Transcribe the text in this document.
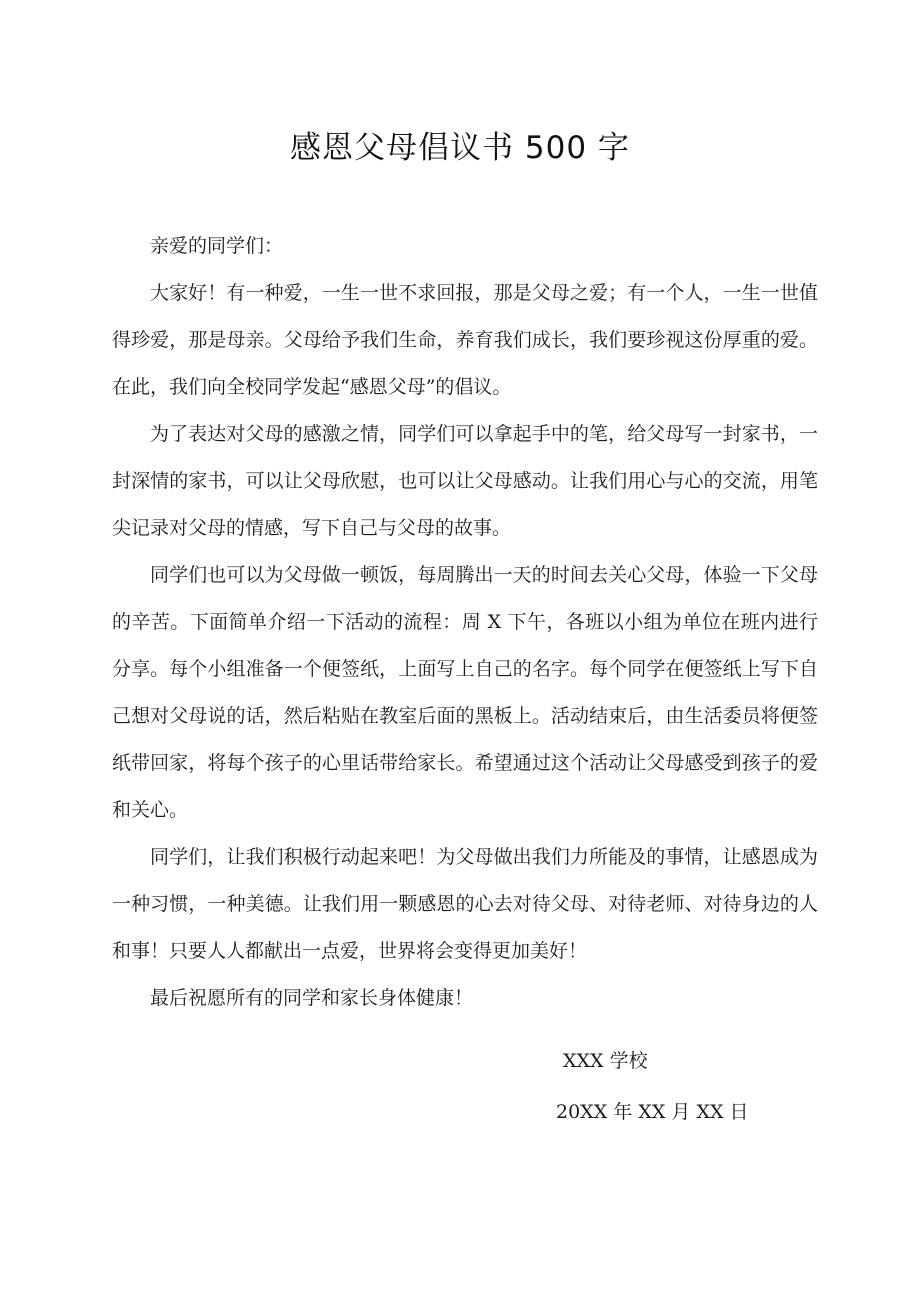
感恩父母倡议书 500 字

亲爱的同学们：

大家好！有一种爱，一生一世不求回报，那是父母之爱；有一个人，一生一世值得珍爱，那是母亲。父母给予我们生命，养育我们成长，我们要珍视这份厚重的爱。在此，我们向全校同学发起“感恩父母”的倡议。

为了表达对父母的感激之情，同学们可以拿起手中的笔，给父母写一封家书，一封深情的家书，可以让父母欣慰，也可以让父母感动。让我们用心与心的交流，用笔尖记录对父母的情感，写下自己与父母的故事。

同学们也可以为父母做一顿饭，每周腾出一天的时间去关心父母，体验一下父母的辛苦。下面简单介绍一下活动的流程：周 X 下午，各班以小组为单位在班内进行分享。每个小组准备一个便签纸，上面写上自己的名字。每个同学在便签纸上写下自己想对父母说的话，然后粘贴在教室后面的黑板上。活动结束后，由生活委员将便签纸带回家，将每个孩子的心里话带给家长。希望通过这个活动让父母感受到孩子的爱和关心。

同学们，让我们积极行动起来吧！为父母做出我们力所能及的事情，让感恩成为一种习惯，一种美德。让我们用一颗感恩的心去对待父母、对待老师、对待身边的人和事！只要人人都献出一点爱，世界将会变得更加美好！

最后祝愿所有的同学和家长身体健康！

XXX 学校
20XX 年 XX 月 XX 日
